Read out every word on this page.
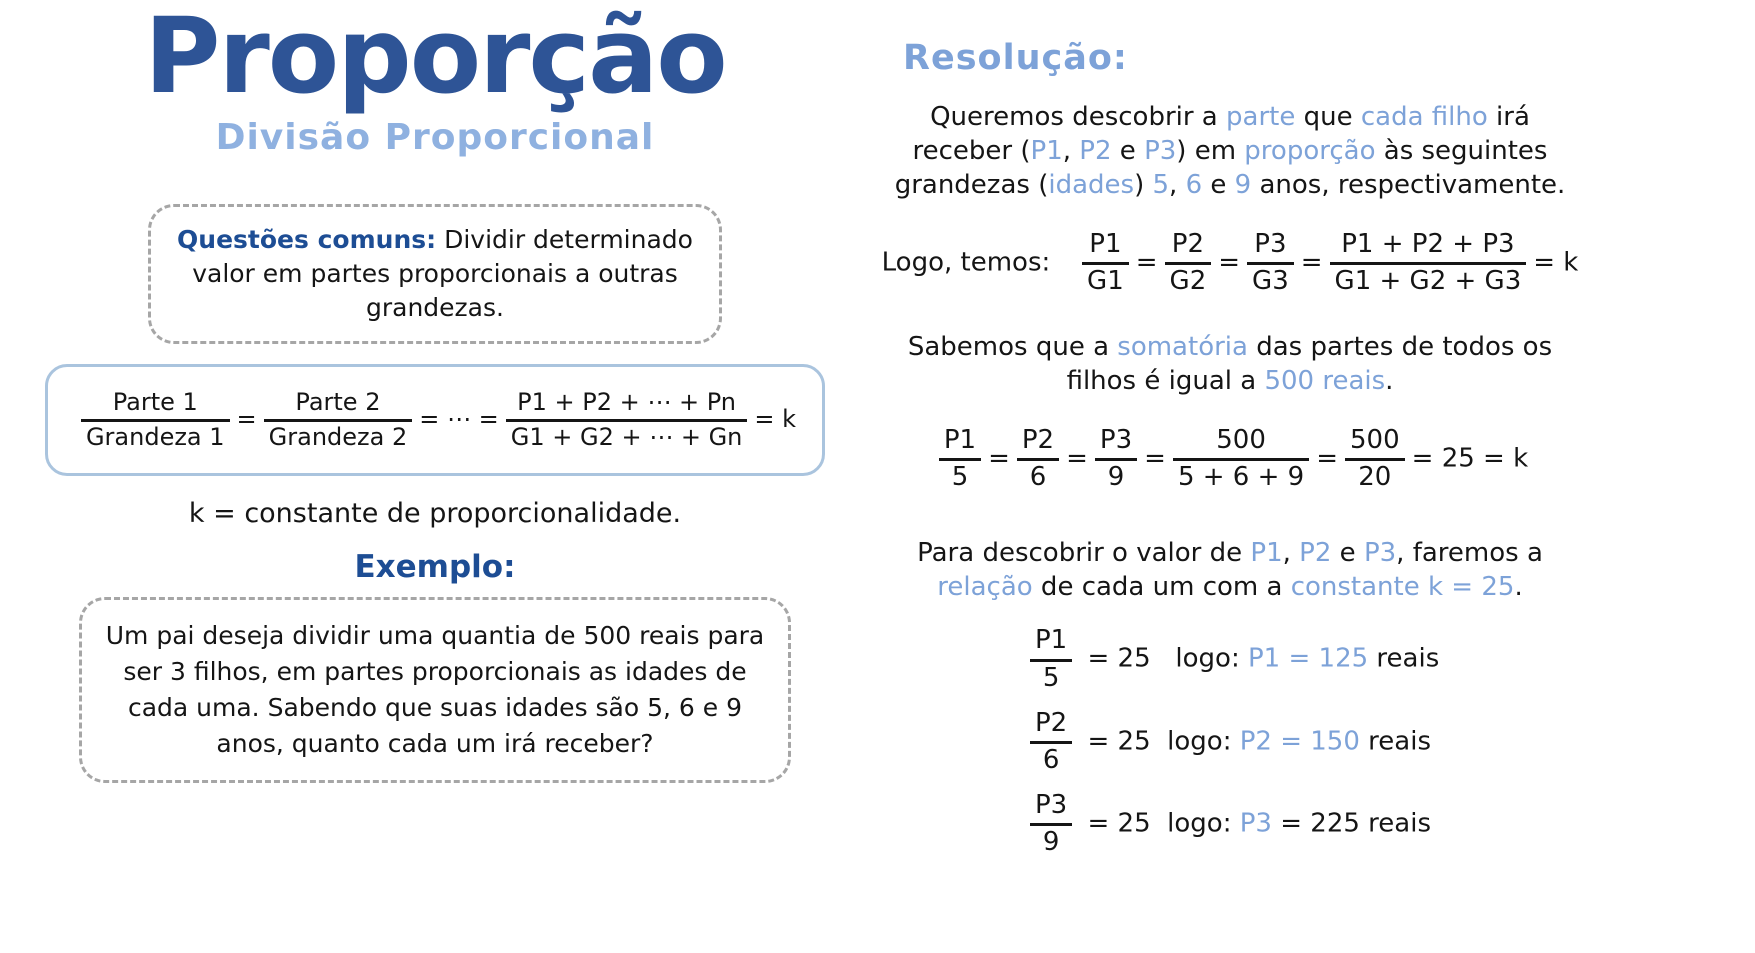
Proporção
Divisão Proporcional
Questões comuns: Dividir determinado
valor em partes proporcionais a outras
grandezas.
$\frac{\text{Parte 1}}{\text{Grandeza 1}} = \frac{\text{Parte 2}}{\text{Grandeza 2}}$ = ⋯ = $\frac{P1 + P2 + \cdots + Pn}{G1 + G2 + \cdots + Gn} = k$
k = constante de proporcionalidade.
Exemplo:
Um pai deseja dividir uma quantia de 500 reais para
ser 3 filhos, em partes proporcionais as idades de
cada uma. Sabendo que suas idades são 5, 6 e 9
anos, quanto cada um irá receber?
Resolução:
Queremos descobrir a parte que cada filho irá
receber (P1, P2 e P3) em proporção às seguintes
grandezas (idades) 5, 6 e 9 anos, respectivamente.
Logo, temos: $\frac{P1}{G1} = \frac{P2}{G2} = \frac{P3}{G3} = \frac{P1 + P2 + P3}{G1 + G2 + G3} = k$
Sabemos que a somatória das partes de todos os
filhos é igual a 500 reais.
$\frac{P1}{5} = \frac{P2}{6} = \frac{P3}{9} = \frac{500}{5 + 6 + 9} = \frac{500}{20} = 25 = k$
Para descobrir o valor de P1, P2 e P3, faremos a
relação de cada um com a constante k = 25.
$\frac{P1}{5} = 25$   logo: P1 = 125 reais
$\frac{P2}{6} = 25$  logo: P2 = 150 reais
$\frac{P3}{9} = 25$  logo: P3 = 225 reais
